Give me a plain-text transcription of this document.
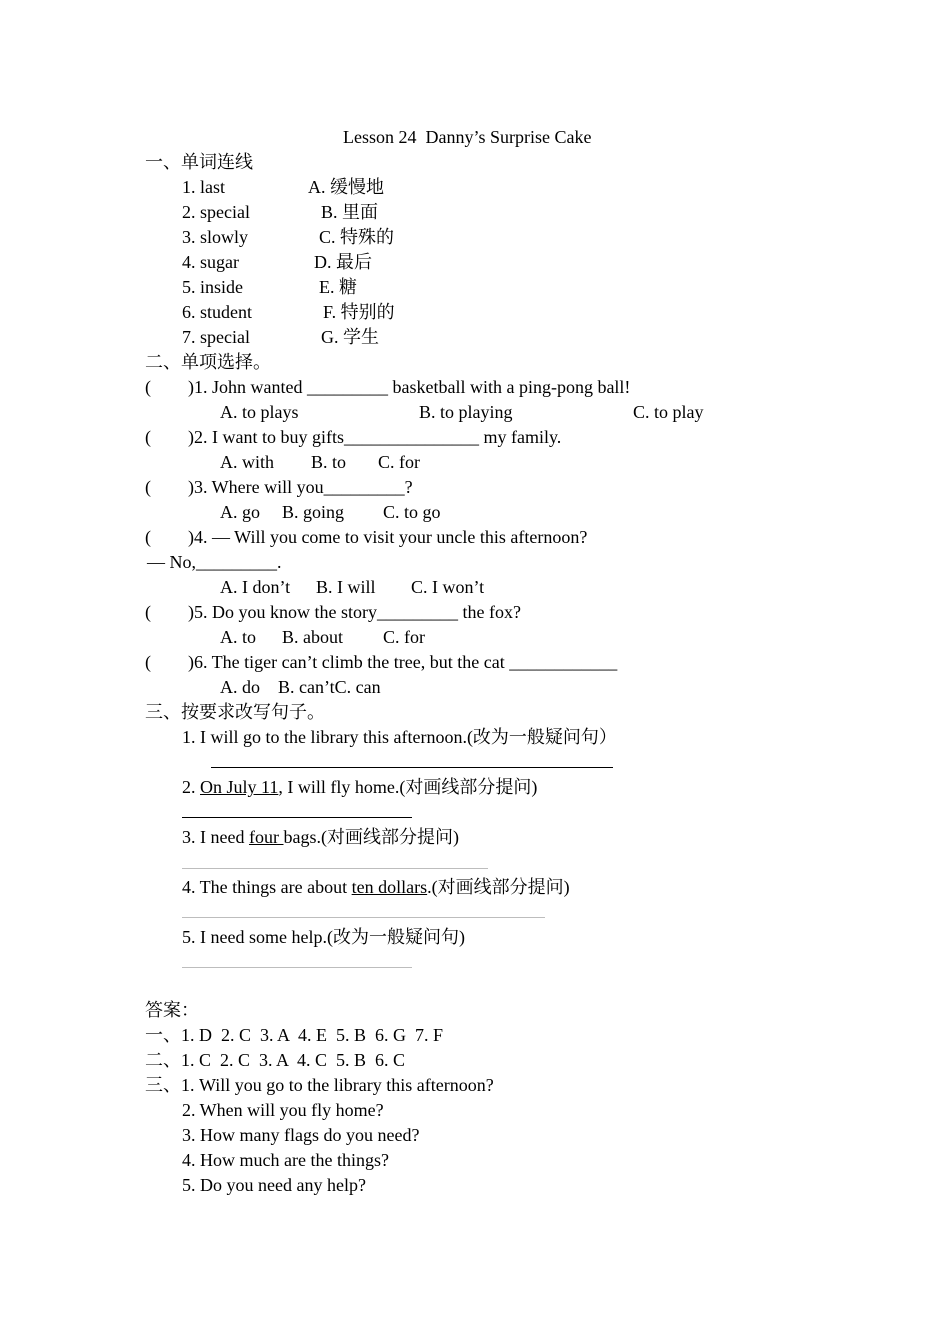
Lesson 24  Danny’s Surprise Cake
一、单词连线
1. last
2. special
3. slowly
4. sugar
5. inside
6. student
7. special
A. 缓慢地
B. 里面
C. 特殊的
D. 最后
E. 糖
F. 特别的
G. 学生
二、单项选择。
( )1. John wanted _________ basketball with a ping-pong ball!
A. to plays	B. to playing	C. to play
( )2. I want to buy gifts_______________ my family.
A. with B. to C. for
( )3. Where will you_________?
A. go B. going C. to go
( )4. — Will you come to visit your uncle this afternoon?
— No,_________.
A. I don’t B. I will C. I won’t
( )5. Do you know the story_________ the fox?
A. to B. about C. for
( )6. The tiger can’t climb the tree, but the cat ____________
A. do    B. can’tC. can
三、按要求改写句子。
1. I will go to the library this afternoon.(改为一般疑问句）
2. On July 11, I will fly home.(对画线部分提问)
3. I need four bags.(对画线部分提问)
4. The things are about ten dollars.(对画线部分提问)
5. I need some help.(改为一般疑问句)
答案：
一、1. D  2. C  3. A  4. E  5. B  6. G  7. F
二、1. C  2. C  3. A  4. C  5. B  6. C
三、1. Will you go to the library this afternoon?
2. When will you fly home?
3. How many flags do you need?
4. How much are the things?
5. Do you need any help?
